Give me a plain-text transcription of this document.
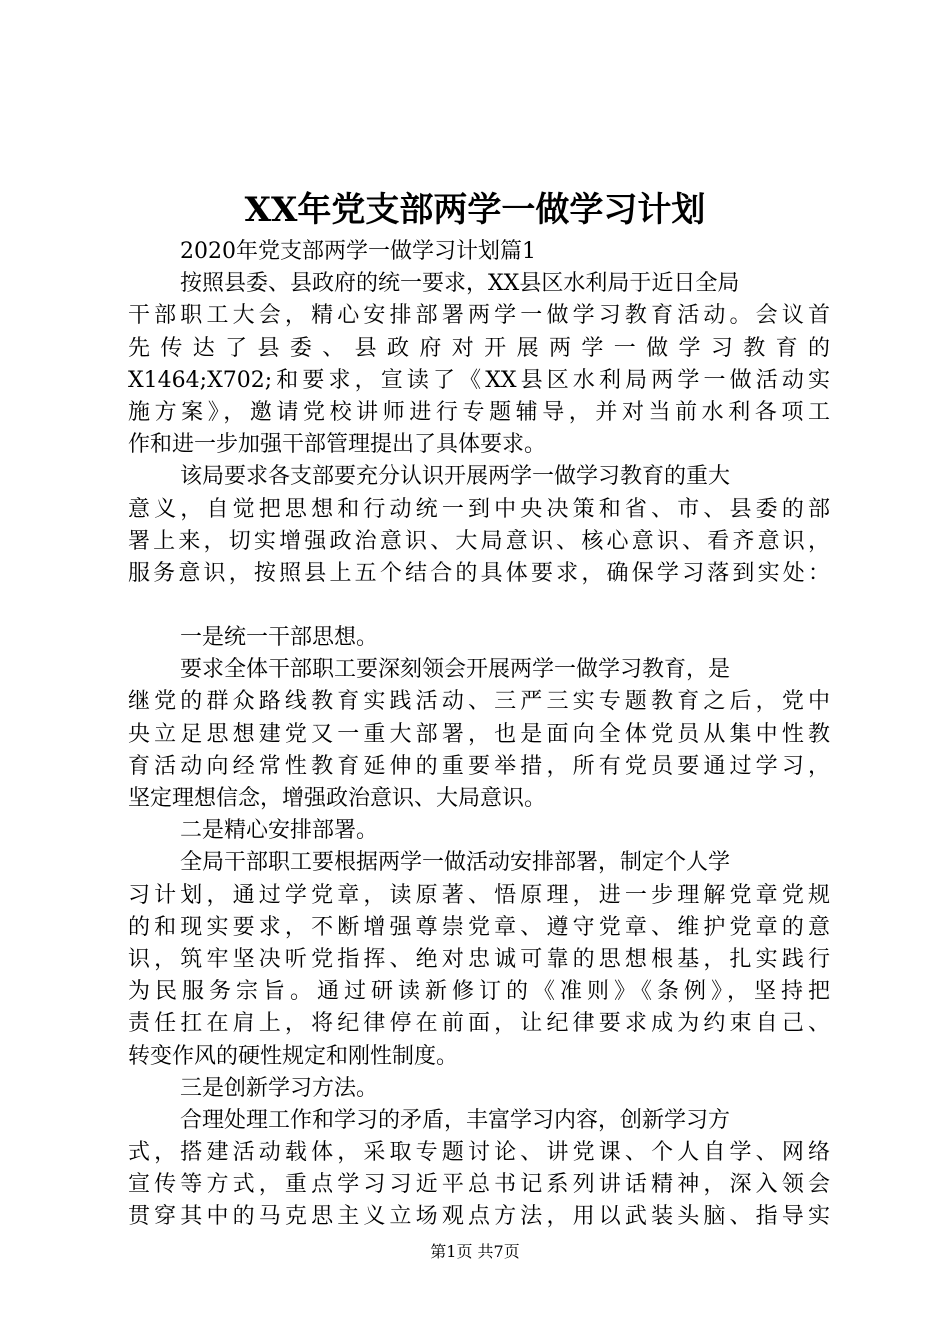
XX年党支部两学一做学习计划
2020年党支部两学一做学习计划篇1
按照县委、县政府的统一要求，XX县区水利局于近日全局
干部职工大会，精心安排部署两学一做学习教育活动。会议首
先传达了县委、县政府对开展两学一做学习教育的
X1464;X702;和要求，宣读了《XX县区水利局两学一做活动实
施方案》，邀请党校讲师进行专题辅导，并对当前水利各项工
作和进一步加强干部管理提出了具体要求。
该局要求各支部要充分认识开展两学一做学习教育的重大
意义，自觉把思想和行动统一到中央决策和省、市、县委的部
署上来，切实增强政治意识、大局意识、核心意识、看齐意识，
服务意识，按照县上五个结合的具体要求，确保学习落到实处：
一是统一干部思想。
要求全体干部职工要深刻领会开展两学一做学习教育，是
继党的群众路线教育实践活动、三严三实专题教育之后，党中
央立足思想建党又一重大部署，也是面向全体党员从集中性教
育活动向经常性教育延伸的重要举措，所有党员要通过学习，
坚定理想信念，增强政治意识、大局意识。
二是精心安排部署。
全局干部职工要根据两学一做活动安排部署，制定个人学
习计划，通过学党章，读原著、悟原理，进一步理解党章党规
的和现实要求，不断增强尊崇党章、遵守党章、维护党章的意
识，筑牢坚决听党指挥、绝对忠诚可靠的思想根基，扎实践行
为民服务宗旨。通过研读新修订的《准则》《条例》，坚持把
责任扛在肩上，将纪律停在前面，让纪律要求成为约束自己、
转变作风的硬性规定和刚性制度。
三是创新学习方法。
合理处理工作和学习的矛盾，丰富学习内容，创新学习方
式，搭建活动载体，采取专题讨论、讲党课、个人自学、网络
宣传等方式，重点学习习近平总书记系列讲话精神，深入领会
贯穿其中的马克思主义立场观点方法，用以武装头脑、指导实
第1页 共7页
